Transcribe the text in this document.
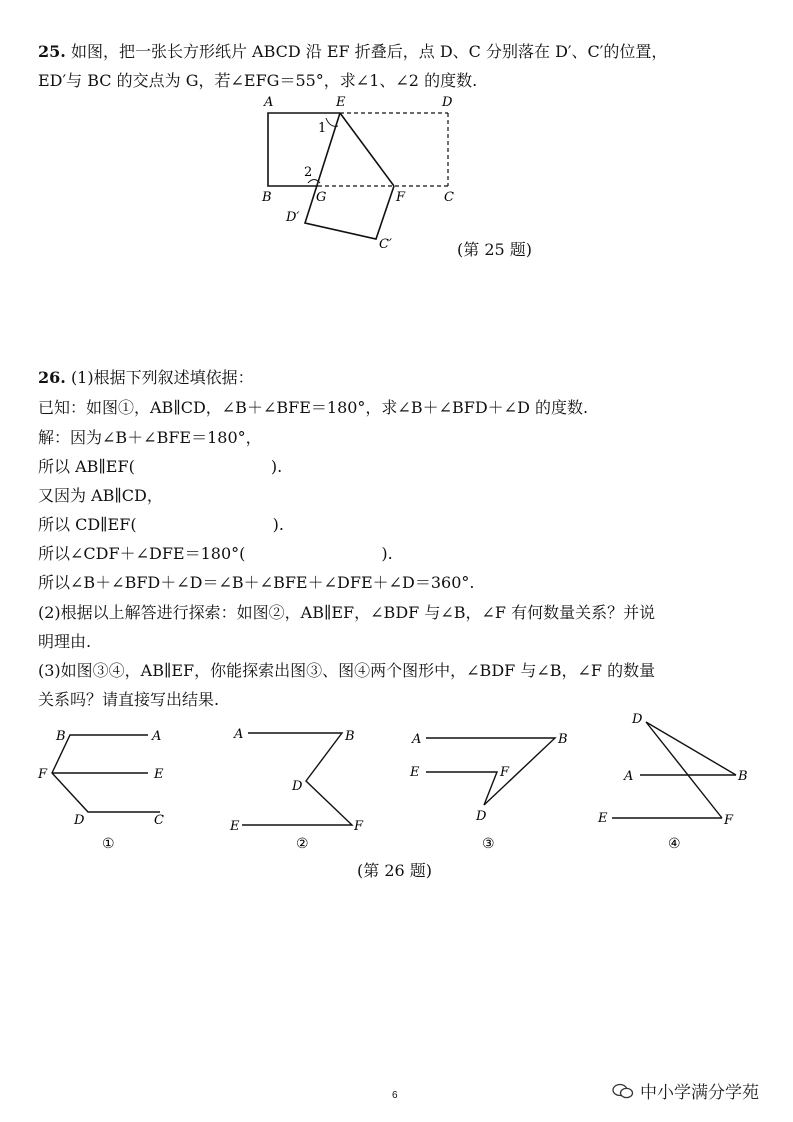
25. 如图，把一张长方形纸片 ABCD 沿 EF 折叠后，点 D、C 分别落在 D′、C′的位置，
ED′与 BC 的交点为 G，若∠EFG＝55°，求∠1、∠2 的度数.
A	E	D
B	G	F	C
D′
C′
1
2
(第 25 题)
26. (1)根据下列叙述填依据：
已知：如图①，AB∥CD，∠B＋∠BFE＝180°，求∠B＋∠BFD＋∠D 的度数.
解：因为∠B＋∠BFE＝180°，
所以 AB∥EF(	).
又因为 AB∥CD，
所以 CD∥EF(	).
所以∠CDF＋∠DFE＝180°(	).
所以∠B＋∠BFD＋∠D＝∠B＋∠BFE＋∠DFE＋∠D＝360°.
(2)根据以上解答进行探索：如图②，AB∥EF，∠BDF 与∠B，∠F 有何数量关系？并说
明理由.
(3)如图③④，AB∥EF，你能探索出图③、图④两个图形中，∠BDF 与∠B，∠F 的数量
关系吗？请直接写出结果.
B	A
F	E
D	C
A	B
D
E	F
A	B
E	F
D
D
A	B
E	F
①	②	③	④
(第 26 题)
6	中小学满分学苑
